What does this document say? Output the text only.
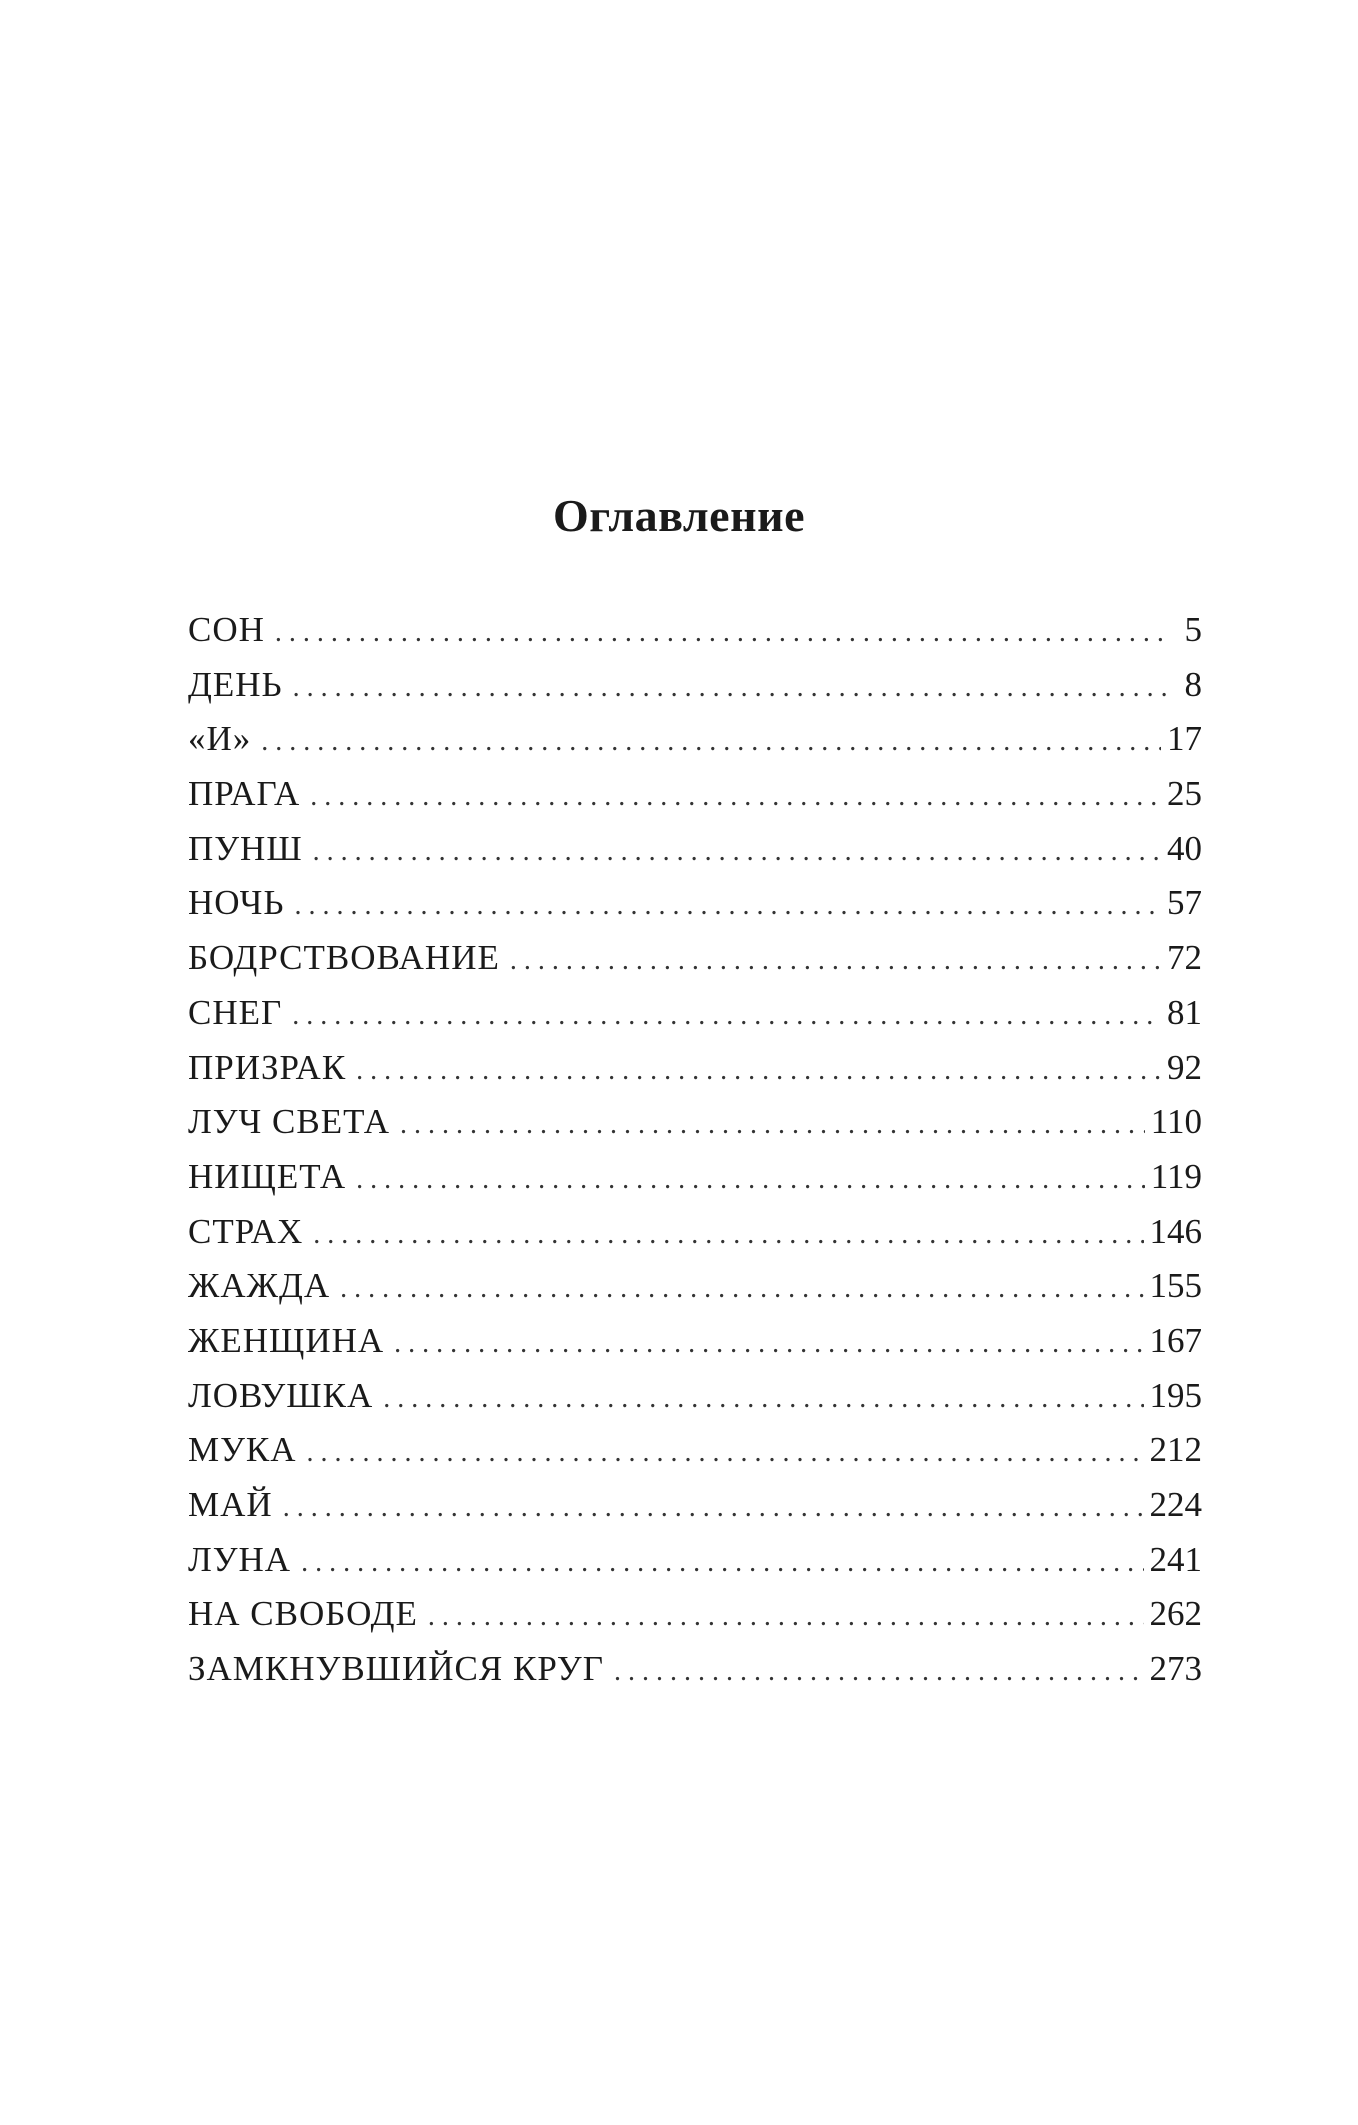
Оглавление
СОН . . .	5
ДЕНЬ . . .	8
«И» . . .	17
ПРАГА . . .	25
ПУНШ . . .	40
НОЧЬ . . .	57
БОДРСТВОВАНИЕ . . .	72
СНЕГ . . .	81
ПРИЗРАК . . .	92
ЛУЧ СВЕТА . . .	110
НИЩЕТА . . .	119
СТРАХ . . .	146
ЖАЖДА . . .	155
ЖЕНЩИНА . . .	167
ЛОВУШКА . . .	195
МУКА . . .	212
МАЙ . . .	224
ЛУНА . . .	241
НА СВОБОДЕ . . .	262
ЗАМКНУВШИЙСЯ КРУГ . . .	273
